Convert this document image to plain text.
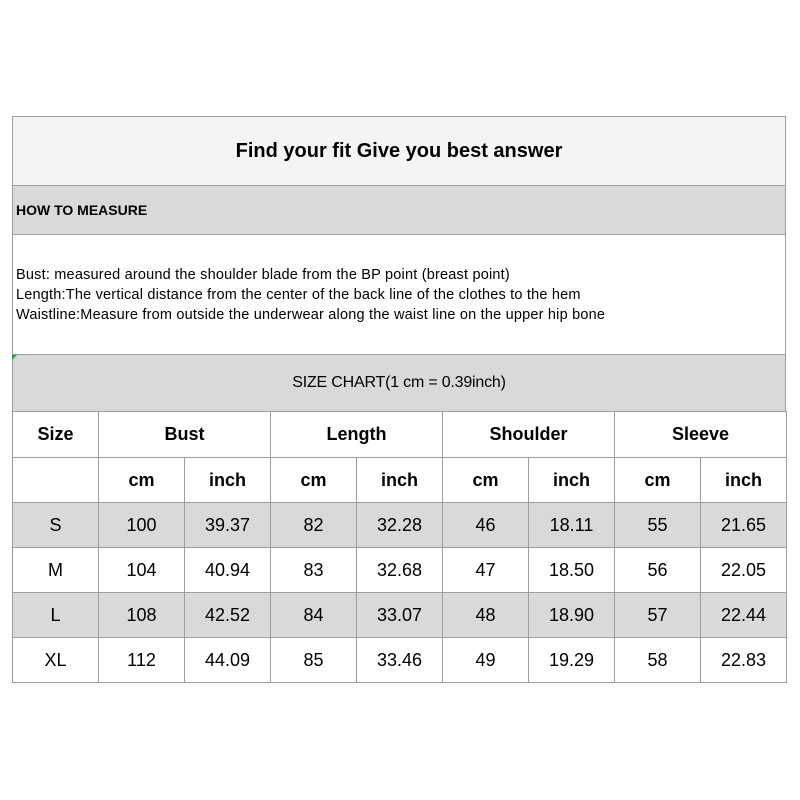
Find your fit Give you best answer
HOW TO MEASURE
Bust: measured around the shoulder blade from the BP point (breast point)
Length:The vertical distance from the center of the back line of the clothes to the hem
Waistline:Measure from outside the underwear along the waist line on the upper hip bone
SIZE CHART(1 cm = 0.39inch)
Size	Bust		Length		Shoulder		Sleeve	
	cm	inch	cm	inch	cm	inch	cm	inch
S	100	39.37	82	32.28	46	18.11	55	21.65
M	104	40.94	83	32.68	47	18.50	56	22.05
L	108	42.52	84	33.07	48	18.90	57	22.44
XL	112	44.09	85	33.46	49	19.29	58	22.83
